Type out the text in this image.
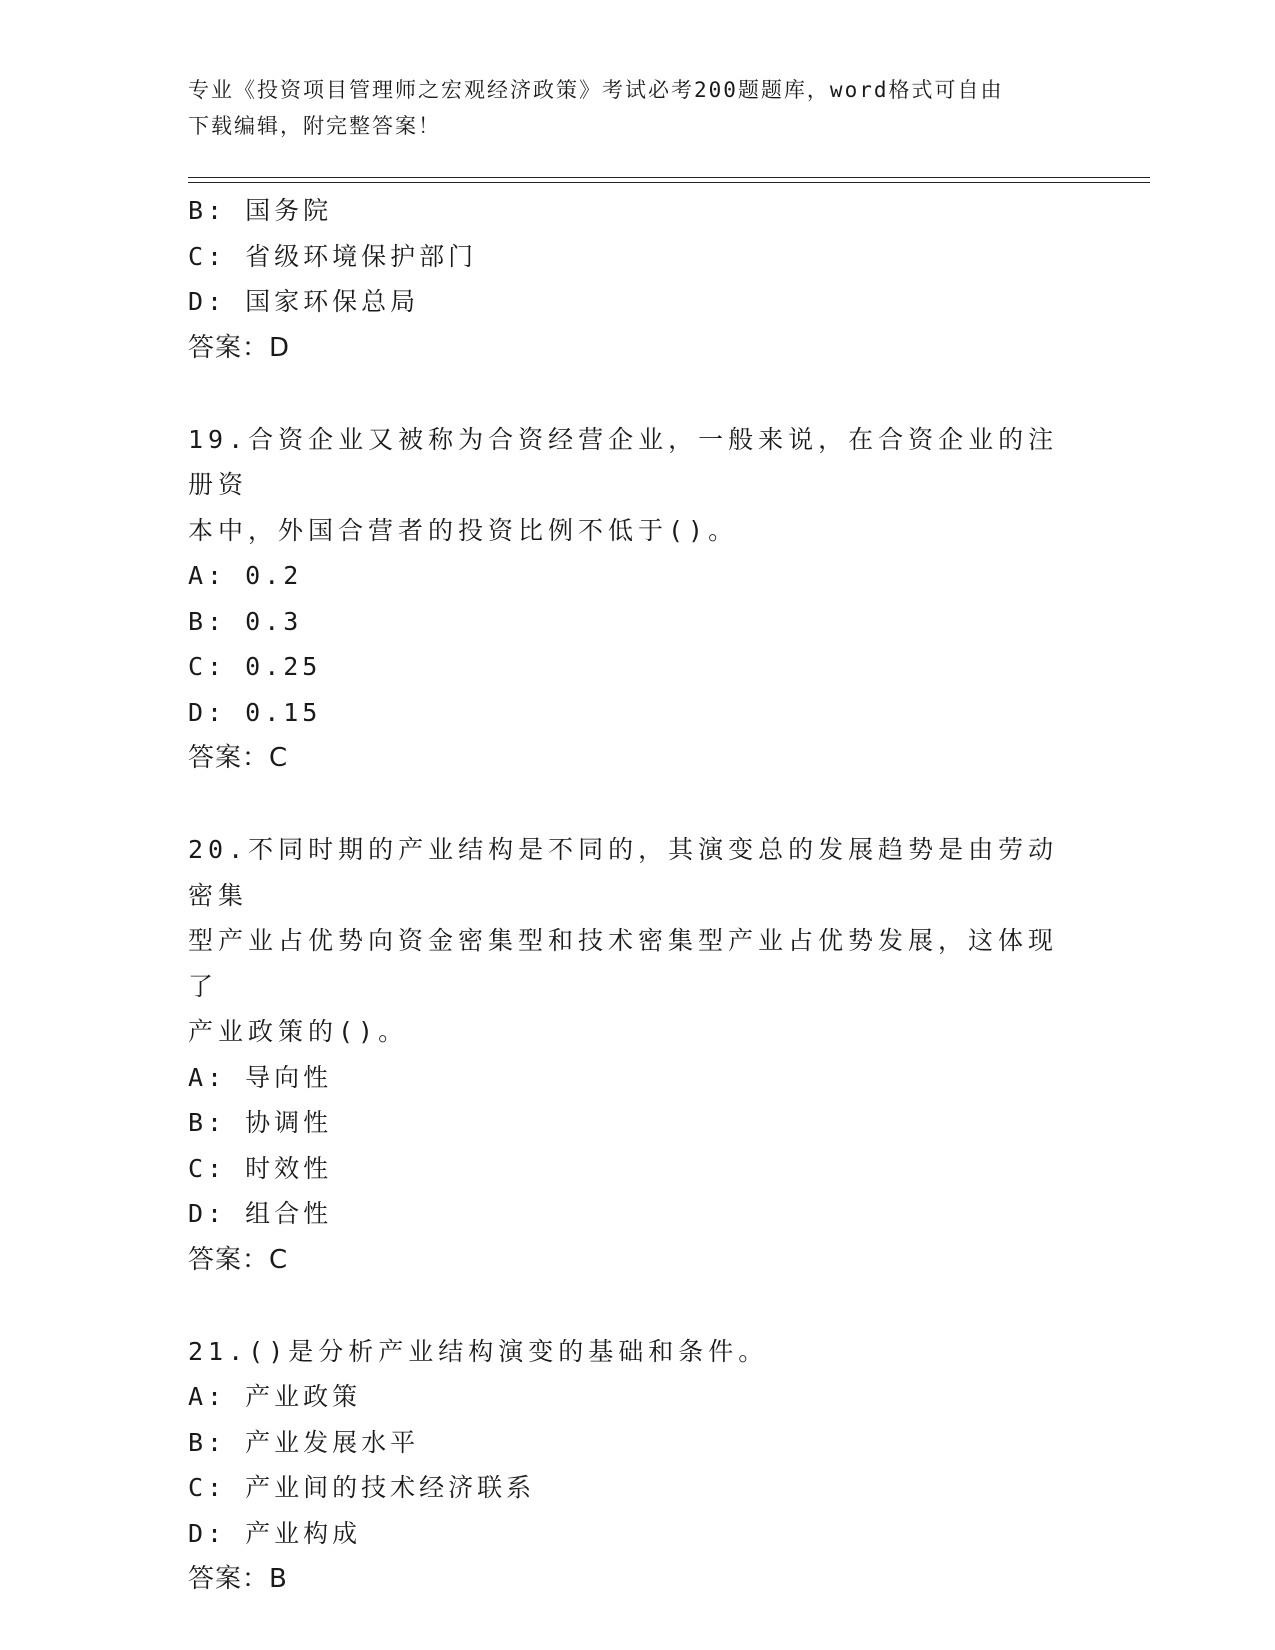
专业《投资项目管理师之宏观经济政策》考试必考200题题库，word格式可自由
下载编辑，附完整答案！
B: 国务院
C: 省级环境保护部门
D: 国家环保总局
答案：D
19.合资企业又被称为合资经营企业，一般来说，在合资企业的注册资
本中，外国合营者的投资比例不低于()。
A: 0.2
B: 0.3
C: 0.25
D: 0.15
答案：C
20.不同时期的产业结构是不同的，其演变总的发展趋势是由劳动密集
型产业占优势向资金密集型和技术密集型产业占优势发展，这体现了
产业政策的()。
A: 导向性
B: 协调性
C: 时效性
D: 组合性
答案：C
21.()是分析产业结构演变的基础和条件。
A: 产业政策
B: 产业发展水平
C: 产业间的技术经济联系
D: 产业构成
答案：B
